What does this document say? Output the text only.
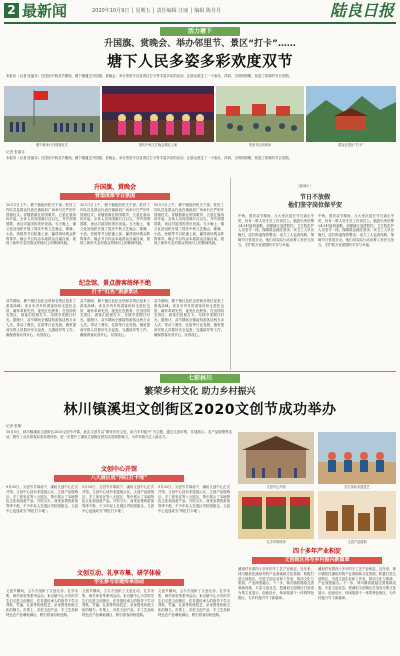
2 最新闻	2020年10月9日 │ 星期五 │ 责任编辑 汪丽 │ 编辑 陈丹丹	陆良日报
活力塘下
升国旗、赏晚会、举办邻里节、景区“打卡”……
塘下人民多姿多彩欢度双节
本报讯（记者 张丽芬）在国庆中秋双节期间，塘下镇通过升国旗、赏晚会、举办邻里节以及景区打卡等丰富多彩的活动，让群众度过了一个欢乐、祥和、文明的假期，营造了浓厚的节日氛围。
塘下镇举行升国旗仪式	国庆中秋文艺晚会精彩上演	邻里节活动现场	群众在景区“打卡”
记者 张丽芬
本报讯（记者 张丽芬）在国庆中秋双节期间，塘下镇通过升国旗、赏晚会、举办邻里节以及景区打卡等丰富多彩的活动，让群众度过了一个欢乐、祥和、文明的假期，营造了浓厚的节日氛围。
升国旗、赏晚会
营造浓厚节日氛围
10月1日上午，塘下镇组织机关干部、驻村工作队员及群众代表在镇政府广场举行庄严的升国旗仪式。伴随着雄壮的国歌声，五星红旗冉冉升起，全体人员向国旗行注目礼，齐声高唱国歌，表达对祖国的美好祝福。当天晚上，镇文化站组织开展了国庆中秋文艺晚会，歌舞、小品、快板等节目轮番上演，赢得现场观众阵阵掌声。晚会节目均由本地群众自编自演，展现了新时代农村群众昂扬向上的精神风貌。
10月1日上午，塘下镇组织机关干部、驻村工作队员及群众代表在镇政府广场举行庄严的升国旗仪式。伴随着雄壮的国歌声，五星红旗冉冉升起，全体人员向国旗行注目礼，齐声高唱国歌，表达对祖国的美好祝福。当天晚上，镇文化站组织开展了国庆中秋文艺晚会，歌舞、小品、快板等节目轮番上演，赢得现场观众阵阵掌声。晚会节目均由本地群众自编自演，展现了新时代农村群众昂扬向上的精神风貌。
10月1日上午，塘下镇组织机关干部、驻村工作队员及群众代表在镇政府广场举行庄严的升国旗仪式。伴随着雄壮的国歌声，五星红旗冉冉升起，全体人员向国旗行注目礼，齐声高唱国歌，表达对祖国的美好祝福。当天晚上，镇文化站组织开展了国庆中秋文艺晚会，歌舞、小品、快板等节目轮番上演，赢得现场观众阵阵掌声。晚会节目均由本地群众自编自演，展现了新时代农村群众昂扬向上的精神风貌。
纪念馆、景点游客络绎不绝
打卡“红色”旅游景区
双节期间，塘下镇红色纪念馆和各景区迎来了游客高峰。来自市内外的游客纷纷走进纪念馆，缅怀革命先烈，接受红色教育；在田园风光景区，游客们拍照打卡，尽情享受假日时光。据统计，双节期间全镇接待游客达两万余人次，带动了餐饮、住宿等行业发展。镇里提前安排人员做好安全巡查、交通疏导等工作，确保游客玩得开心、玩得放心。
双节期间，塘下镇红色纪念馆和各景区迎来了游客高峰。来自市内外的游客纷纷走进纪念馆，缅怀革命先烈，接受红色教育；在田园风光景区，游客们拍照打卡，尽情享受假日时光。据统计，双节期间全镇接待游客达两万余人次，带动了餐饮、住宿等行业发展。镇里提前安排人员做好安全巡查、交通疏导等工作，确保游客玩得开心、玩得放心。
双节期间，塘下镇红色纪念馆和各景区迎来了游客高峰。来自市内外的游客纷纷走进纪念馆，缅怀革命先烈，接受红色教育；在田园风光景区，游客们拍照打卡，尽情享受假日时光。据统计，双节期间全镇接待游客达两万余人次，带动了餐饮、住宿等行业发展。镇里提前安排人员做好安全巡查、交通疏导等工作，确保游客玩得开心、玩得放心。
［新闻+］
节日不放假
他们坚守岗位保平安
中秋、国庆双节期间，当大家沉浸在节日欢乐中时，仍有一群人坚守在工作岗位上。镇派出所民警24小时值班备勤，加强辖区巡逻防控；卫生院医护人员坚守一线，保障群众就医需求；环卫工人早出晚归，清扫街道保持整洁；电力工人巡查线路，保障节日供电安全。他们用实际行动诠释了责任与担当，守护着万家团圆的平安与幸福。
中秋、国庆双节期间，当大家沉浸在节日欢乐中时，仍有一群人坚守在工作岗位上。镇派出所民警24小时值班备勤，加强辖区巡逻防控；卫生院医护人员坚守一线，保障群众就医需求；环卫工人早出晚归，清扫街道保持整洁；电力工人巡查线路，保障节日供电安全。他们用实际行动诠释了责任与担当，守护着万家团圆的平安与幸福。
七彩林川
繁荣乡村文化 助力乡村振兴
林川镇溪坦文创街区2020文创节成功举办
记者 张楠
10月5日，林川镇溪坦文创街区2020文创节开幕，此次文创节以“繁荣乡村文化，助力乡村振兴”为主题，通过文创市集、非遗展示、农产品展销等活动，吸引了众多游客前来参观体验，进一步提升了溪坦文创街区的知名度和影响力，为乡村振兴注入新活力。
文创中心开馆
八大展区成“网红打卡地”
9月30日，文创节开幕前夕，溪坦文创中心正式开馆。文创中心设有非遗展示区、文创产品展销区、手工体验区等八大展区，集中展示了本地特色文化和创意产品。开馆当天，前来参观的游客络绎不绝，不少年轻人在展区内拍照留念，文创中心迅速成为“网红打卡地”。
9月30日，文创节开幕前夕，溪坦文创中心正式开馆。文创中心设有非遗展示区、文创产品展销区、手工体验区等八大展区，集中展示了本地特色文化和创意产品。开馆当天，前来参观的游客络绎不绝，不少年轻人在展区内拍照留念，文创中心迅速成为“网红打卡地”。
9月30日，文创节开幕前夕，溪坦文创中心正式开馆。文创中心设有非遗展示区、文创产品展销区、手工体验区等八大展区，集中展示了本地特色文化和创意产品。开馆当天，前来参观的游客络绎不绝，不少年轻人在展区内拍照留念，文创中心迅速成为“网红打卡地”。
文创互动、礼享市集、研学体验
学生参与非遗传承活动
文创节期间，主办方组织了文创互动、礼享市集、研学体验等系列活动。来自镇中心小学的学生们走进文创街区，在非遗传承人的指导下学习剪纸、竹编、扎染等传统技艺，亲身感受传统文化的魅力。市集上，各类文创产品、手工艺品和特色农产品琳琅满目，吸引游客纷纷选购。
文创节期间，主办方组织了文创互动、礼享市集、研学体验等系列活动。来自镇中心小学的学生们走进文创街区，在非遗传承人的指导下学习剪纸、竹编、扎染等传统技艺，亲身感受传统文化的魅力。市集上，各类文创产品、手工艺品和特色农产品琳琅满目，吸引游客纷纷选购。
文创节期间，主办方组织了文创互动、礼享市集、研学体验等系列活动。来自镇中心小学的学生们走进文创街区，在非遗传承人的指导下学习剪纸、竹编、扎染等传统技艺，亲身感受传统文化的魅力。市集上，各类文创产品、手工艺品和特色农产品琳琅满目，吸引游客纷纷选购。
文创中心开馆	学生体验非遗技艺
礼享市集现场	文创产品展销
四十多年产业积淀
文创街区将写乡村振兴新篇章
溪坦村有着四十多年的手工艺产业积淀，近年来，林川镇依托溪坦村的产业基础和文化资源，积极打造文创街区，引进文创企业和工作室，推动文化与旅游、产业深度融合。下一步，林川镇将继续完善基础设施，丰富文创业态，把溪坦文创街区打造成为集文化展示、创意设计、休闲旅游于一体的特色街区，为乡村振兴写下新篇章。
溪坦村有着四十多年的手工艺产业积淀，近年来，林川镇依托溪坦村的产业基础和文化资源，积极打造文创街区，引进文创企业和工作室，推动文化与旅游、产业深度融合。下一步，林川镇将继续完善基础设施，丰富文创业态，把溪坦文创街区打造成为集文化展示、创意设计、休闲旅游于一体的特色街区，为乡村振兴写下新篇章。
